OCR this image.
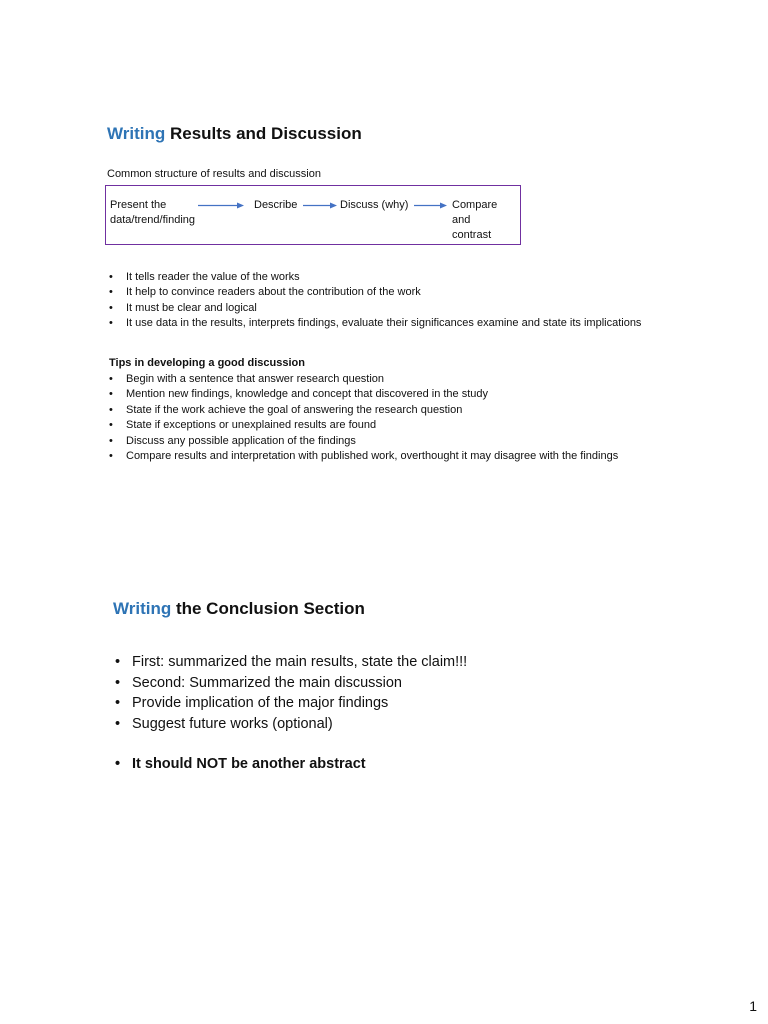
Writing Results and Discussion
Common structure of results and discussion
Present the
data/trend/finding
Describe	Discuss (why)	Compare
and
contrast
• It tells reader the value of the works
• It help to convince readers about the contribution of the work
• It must be clear and logical
• It use data in the results, interprets findings, evaluate their significances examine and state its implications
Tips in developing a good discussion
• Begin with a sentence that answer research question
• Mention new findings, knowledge and concept that discovered in the study
• State if the work achieve the goal of answering the research question
• State if exceptions or unexplained results are found
• Discuss any possible application of the findings
• Compare results and interpretation with published work, overthought it may disagree with the findings
Writing the Conclusion Section
• First: summarized the main results, state the claim!!!
• Second: Summarized the main discussion
• Provide implication of the major findings
• Suggest future works (optional)
• It should NOT be another abstract
1
